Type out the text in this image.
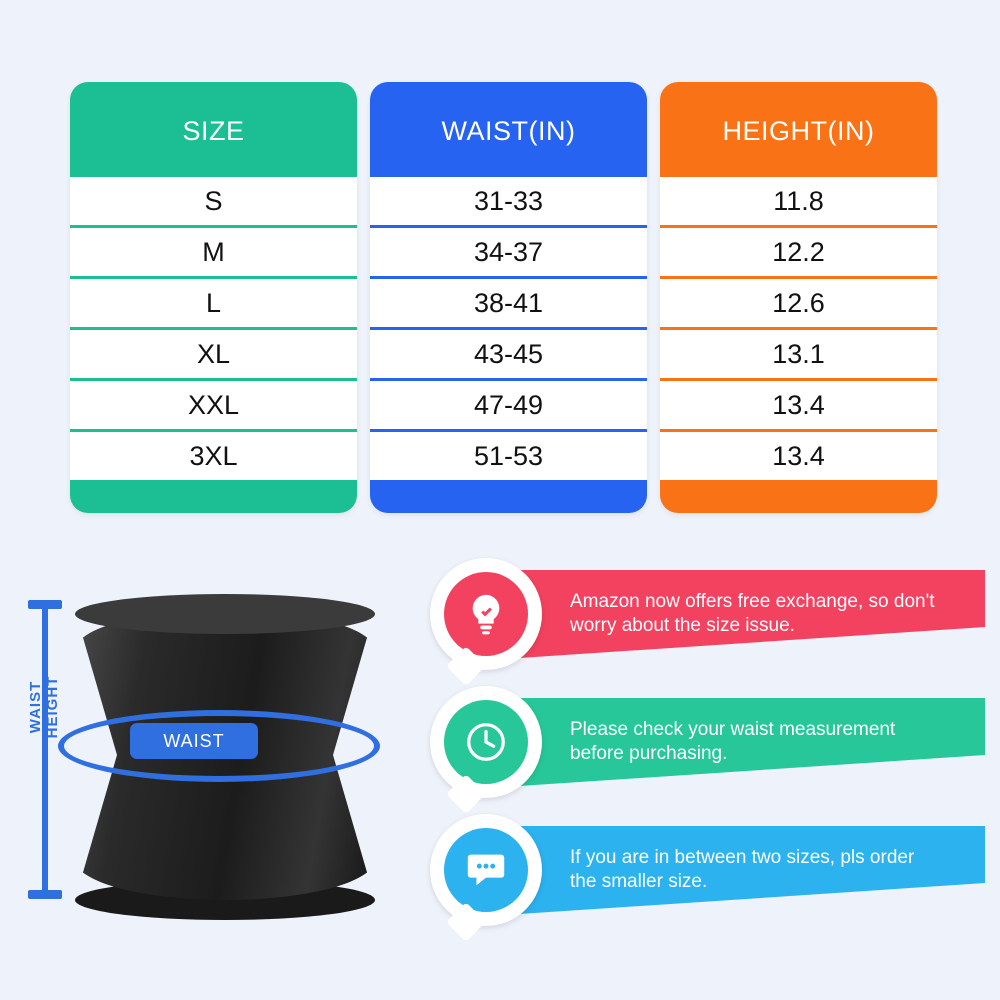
SIZE
S
M
L
XL
XXL
3XL
WAIST(IN)
31-33
34-37
38-41
43-45
47-49
51-53
HEIGHT(IN)
11.8
12.2
12.6
13.1
13.4
13.4
WAIST HEIGHT
WAIST
Amazon now offers free exchange, so don't worry about the size issue.
Please check your waist measurement before purchasing.
If you are in between two sizes, pls order the smaller size.
